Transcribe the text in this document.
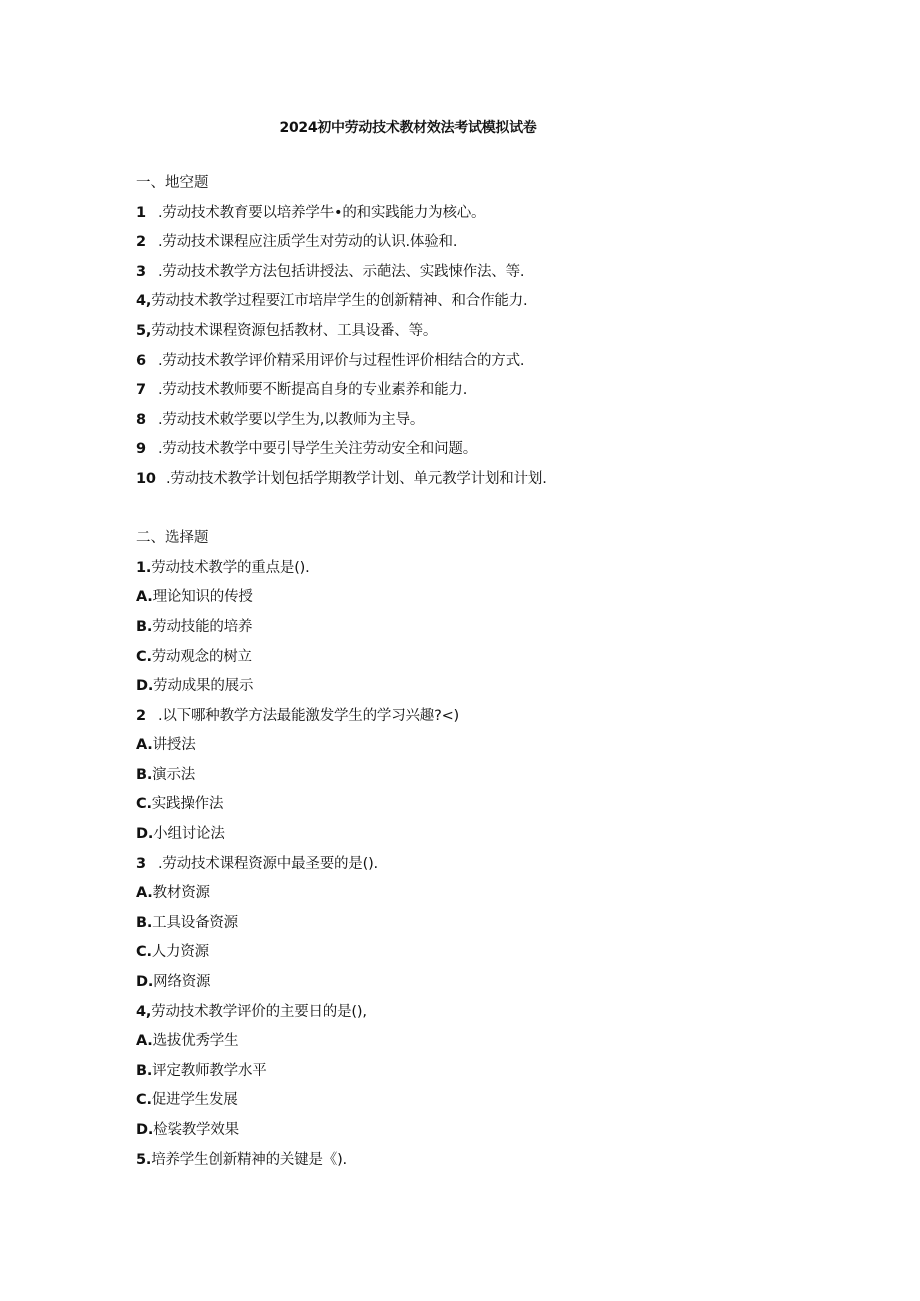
2024初中劳动技术教材效法考试模拟试卷
一、地空题
1 .劳动技术教育要以培养学牛•的和实践能力为核心。
2 .劳动技术课程应注质学生对劳动的认识.体验和.
3 .劳动技术教学方法包括讲授法、示葩法、实践悚作法、等.
4,劳动技术教学过程要江市培岸学生的创新精神、和合作能力.
5,劳动技术课程资源包括教材、工具设番、等。
6 .劳动技术教学评价精采用评价与过程性评价相结合的方式.
7 .劳动技术教师要不断提高自身的专业素养和能力.
8 .劳动技术敕学要以学生为,以教师为主导。
9 .劳动技术教学中要引导学生关注劳动安全和问题。
10 .劳动技术教学计划包括学期教学计划、单元教学计划和计划.
二、选择题
1.劳动技术教学的重点是().
A.理论知识的传授
B.劳动技能的培养
C.劳动观念的树立
D.劳动成果的展示
2 .以下哪种教学方法最能激发学生的学习兴趣?<)
A.讲授法
B.演示法
C.实践操作法
D.小组讨论法
3 .劳动技术课程资源中最圣要的是().
A.教材资源
B.工具设备资源
C.人力资源
D.网络资源
4,劳动技术教学评价的主要日的是(),
A.选拔优秀学生
B.评定教师教学水平
C.促进学生发展
D.检裟教学效果
5.培养学生创新精神的关键是《).
